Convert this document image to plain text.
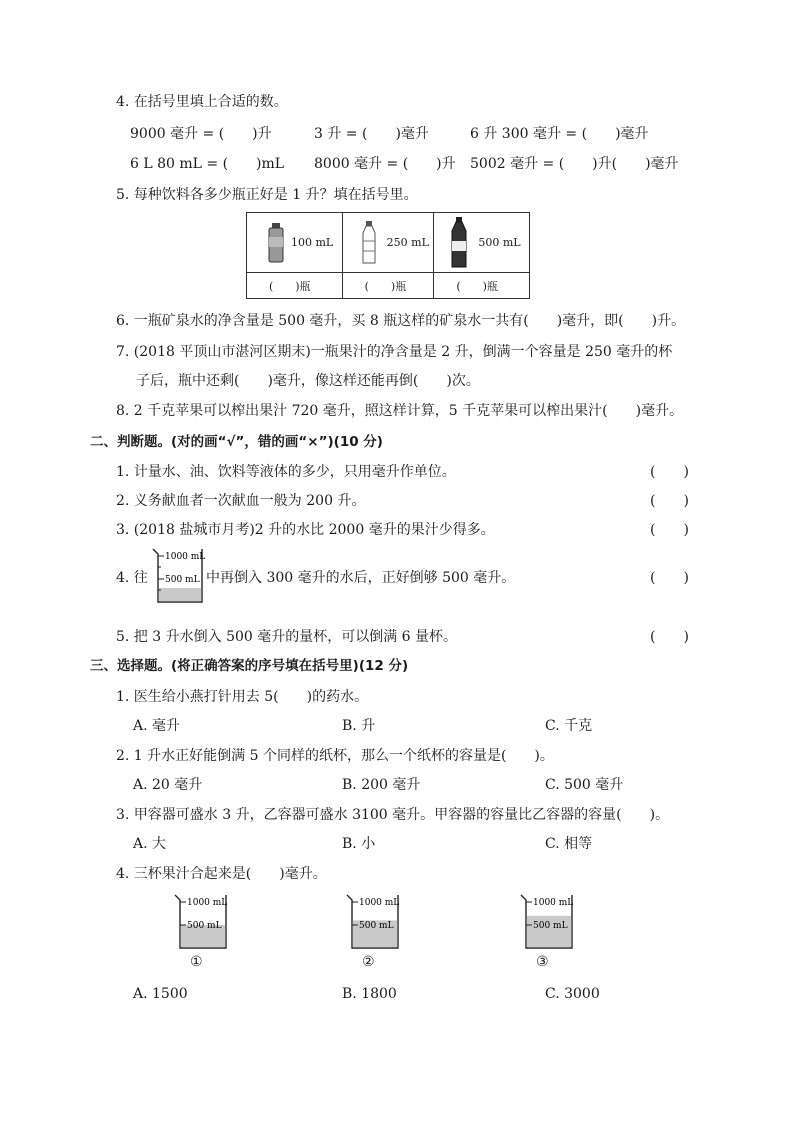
4. 在括号里填上合适的数。
9000 毫升 = (　　)升	3 升 = (　　)毫升	6 升 300 毫升 = (　　)毫升
6 L 80 mL = (　　)mL 8000 毫升 = (　　)升 5002 毫升 = (　　)升(　　)毫升
5. 每种饮料各多少瓶正好是 1 升？填在括号里。
100 mL	250 mL	500 mL

(　　)瓶	(　　)瓶	(　　)瓶
6. 一瓶矿泉水的净含量是 500 毫升，买 8 瓶这样的矿泉水一共有(　　)毫升，即(　　)升。
7. (2018 平顶山市湛河区期末)一瓶果汁的净含量是 2 升，倒满一个容量是 250 毫升的杯
子后，瓶中还剩(　　)毫升，像这样还能再倒(　　)次。
8. 2 千克苹果可以榨出果汁 720 毫升，照这样计算，5 千克苹果可以榨出果汁(　　)毫升。
二、判断题。(对的画“√”，错的画“×”)(10 分)
1. 计量水、油、饮料等液体的多少，只用毫升作单位。	(　　)
2. 义务献血者一次献血一般为 200 升。	(　　)
3. (2018 盐城市月考)2 升的水比 2000 毫升的果汁少得多。	(　　)
4. 往
1000 mL
500 mL 中再倒入 300 毫升的水后，正好倒够 500 毫升。	(　　)
5. 把 3 升水倒入 500 毫升的量杯，可以倒满 6 量杯。	(　　)
三、选择题。(将正确答案的序号填在括号里)(12 分)
1. 医生给小燕打针用去 5(　　)的药水。
A. 毫升	B. 升	C. 千克
2. 1 升水正好能倒满 5 个同样的纸杯，那么一个纸杯的容量是(　　)。
A. 20 毫升	B. 200 毫升	C. 500 毫升
3. 甲容器可盛水 3 升，乙容器可盛水 3100 毫升。甲容器的容量比乙容器的容量(　　)。
A. 大	B. 小	C. 相等
4. 三杯果汁合起来是(　　)毫升。
1000 mL
500 mL
1000 mL
500 mL
1000 mL
500 mL
①	②	③
A. 1500	B. 1800	C. 3000
